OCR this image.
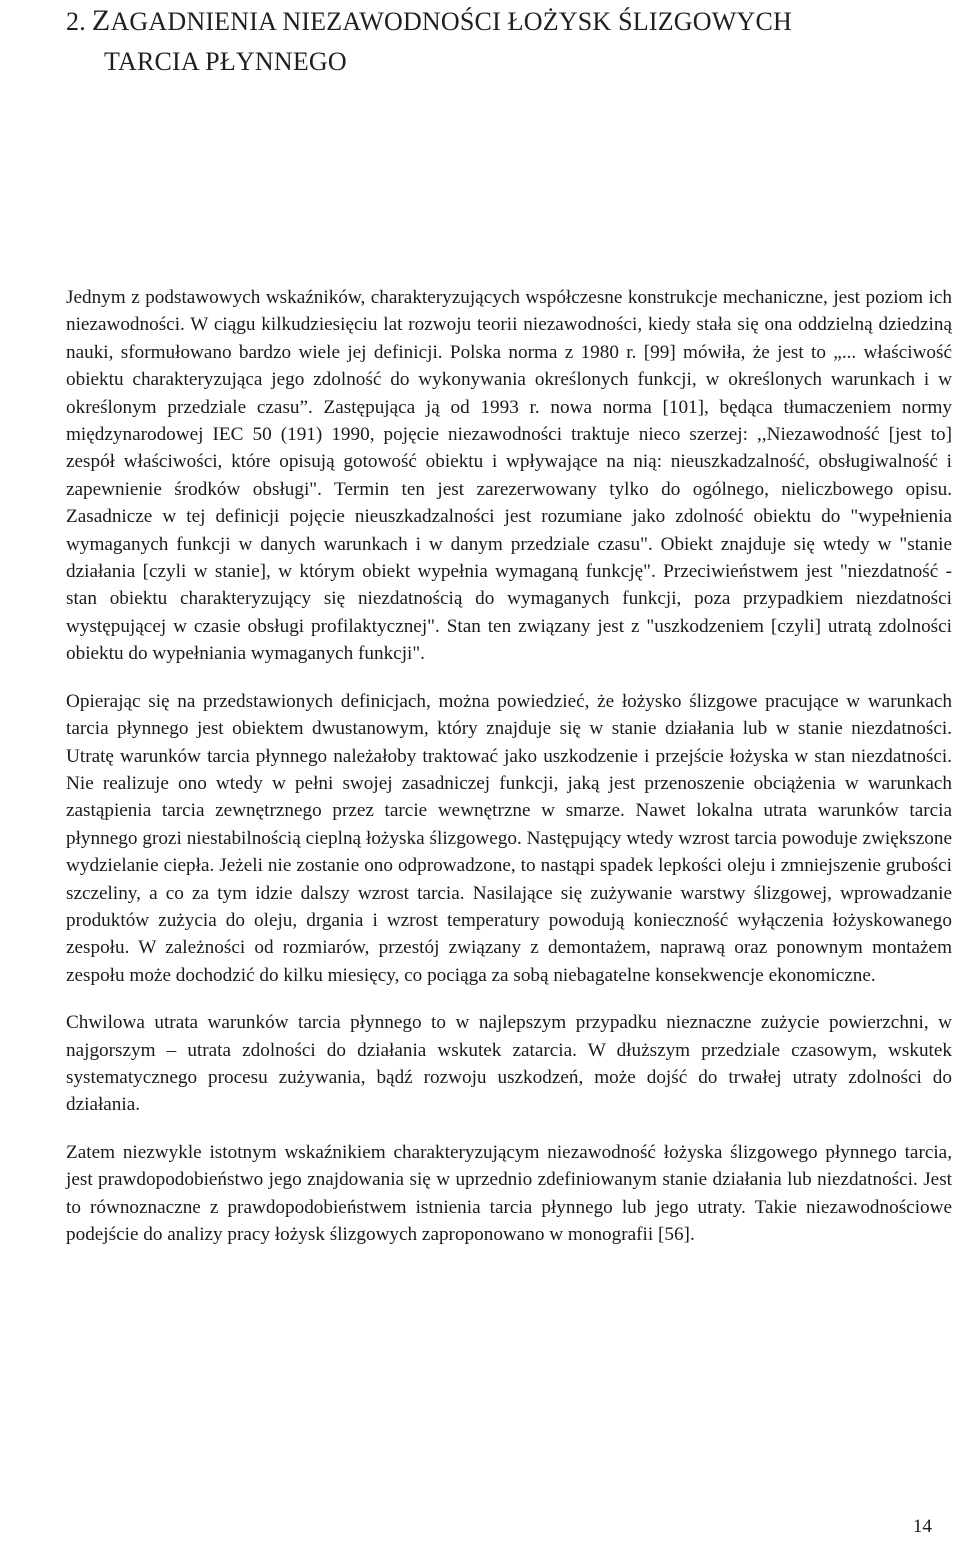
2. ZAGADNIENIA NIEZAWODNOŚCI ŁOŻYSK ŚLIZGOWYCH
TARCIA PŁYNNEGO

Jednym z podstawowych wskaźników, charakteryzujących współczesne konstrukcje mechaniczne, jest poziom ich niezawodności. W ciągu kilkudziesięciu lat rozwoju teorii niezawodności, kiedy stała się ona oddzielną dziedziną nauki, sformułowano bardzo wiele jej definicji. Polska norma z 1980 r. [99] mówiła, że jest to „... właściwość obiektu charakteryzująca jego zdolność do wykonywania określonych funkcji, w określonych warunkach i w określonym przedziale czasu”. Zastępująca ją od 1993 r. nowa norma [101], będąca tłumaczeniem normy międzynarodowej IEC 50 (191) 1990, pojęcie niezawodności traktuje nieco szerzej: ,,Niezawodność [jest to] zespół właściwości, które opisują gotowość obiektu i wpływające na nią: nieuszkadzalność, obsługiwalność i zapewnienie środków obsługi". Termin ten jest zarezerwowany tylko do ogólnego, nieliczbowego opisu. Zasadnicze w tej definicji pojęcie nieuszkadzalności jest rozumiane jako zdolność obiektu do "wypełnienia wymaganych funkcji w danych warunkach i w danym przedziale czasu". Obiekt znajduje się wtedy w "stanie działania [czyli w stanie], w którym obiekt wypełnia wymaganą funkcję". Przeciwieństwem jest "niezdatność - stan obiektu charakteryzujący się niezdatnością do wymaganych funkcji, poza przypadkiem niezdatności występującej w czasie obsługi profilaktycznej". Stan ten związany jest z "uszkodzeniem [czyli] utratą zdolności obiektu do wypełniania wymaganych funkcji".

Opierając się na przedstawionych definicjach, można powiedzieć, że łożysko ślizgowe pracujące w warunkach tarcia płynnego jest obiektem dwustanowym, który znajduje się w stanie działania lub w stanie niezdatności. Utratę warunków tarcia płynnego należałoby traktować jako uszkodzenie i przejście łożyska w stan niezdatności. Nie realizuje ono wtedy w pełni swojej zasadniczej funkcji, jaką jest przenoszenie obciążenia w warunkach zastąpienia tarcia zewnętrznego przez tarcie wewnętrzne w smarze. Nawet lokalna utrata warunków tarcia płynnego grozi niestabilnością cieplną łożyska ślizgowego. Następujący wtedy wzrost tarcia powoduje zwiększone wydzielanie ciepła. Jeżeli nie zostanie ono odprowadzone, to nastąpi spadek lepkości oleju i zmniejszenie grubości szczeliny, a co za tym idzie dalszy wzrost tarcia. Nasilające się zużywanie warstwy ślizgowej, wprowadzanie produktów zużycia do oleju, drgania i wzrost temperatury powodują konieczność wyłączenia łożyskowanego zespołu. W zależności od rozmiarów, przestój związany z demontażem, naprawą oraz ponownym montażem zespołu może dochodzić do kilku miesięcy, co pociąga za sobą niebagatelne konsekwencje ekonomiczne.

Chwilowa utrata warunków tarcia płynnego to w najlepszym przypadku nieznaczne zużycie powierzchni, w najgorszym – utrata zdolności do działania wskutek zatarcia. W dłuższym przedziale czasowym, wskutek systematycznego procesu zużywania, bądź rozwoju uszkodzeń, może dojść do trwałej utraty zdolności do działania.

Zatem niezwykle istotnym wskaźnikiem charakteryzującym niezawodność łożyska ślizgowego płynnego tarcia, jest prawdopodobieństwo jego znajdowania się w uprzednio zdefiniowanym stanie działania lub niezdatności. Jest to równoznaczne z prawdopodobieństwem istnienia tarcia płynnego lub jego utraty. Takie niezawodnościowe podejście do analizy pracy łożysk ślizgowych zaproponowano w monografii [56].

14
